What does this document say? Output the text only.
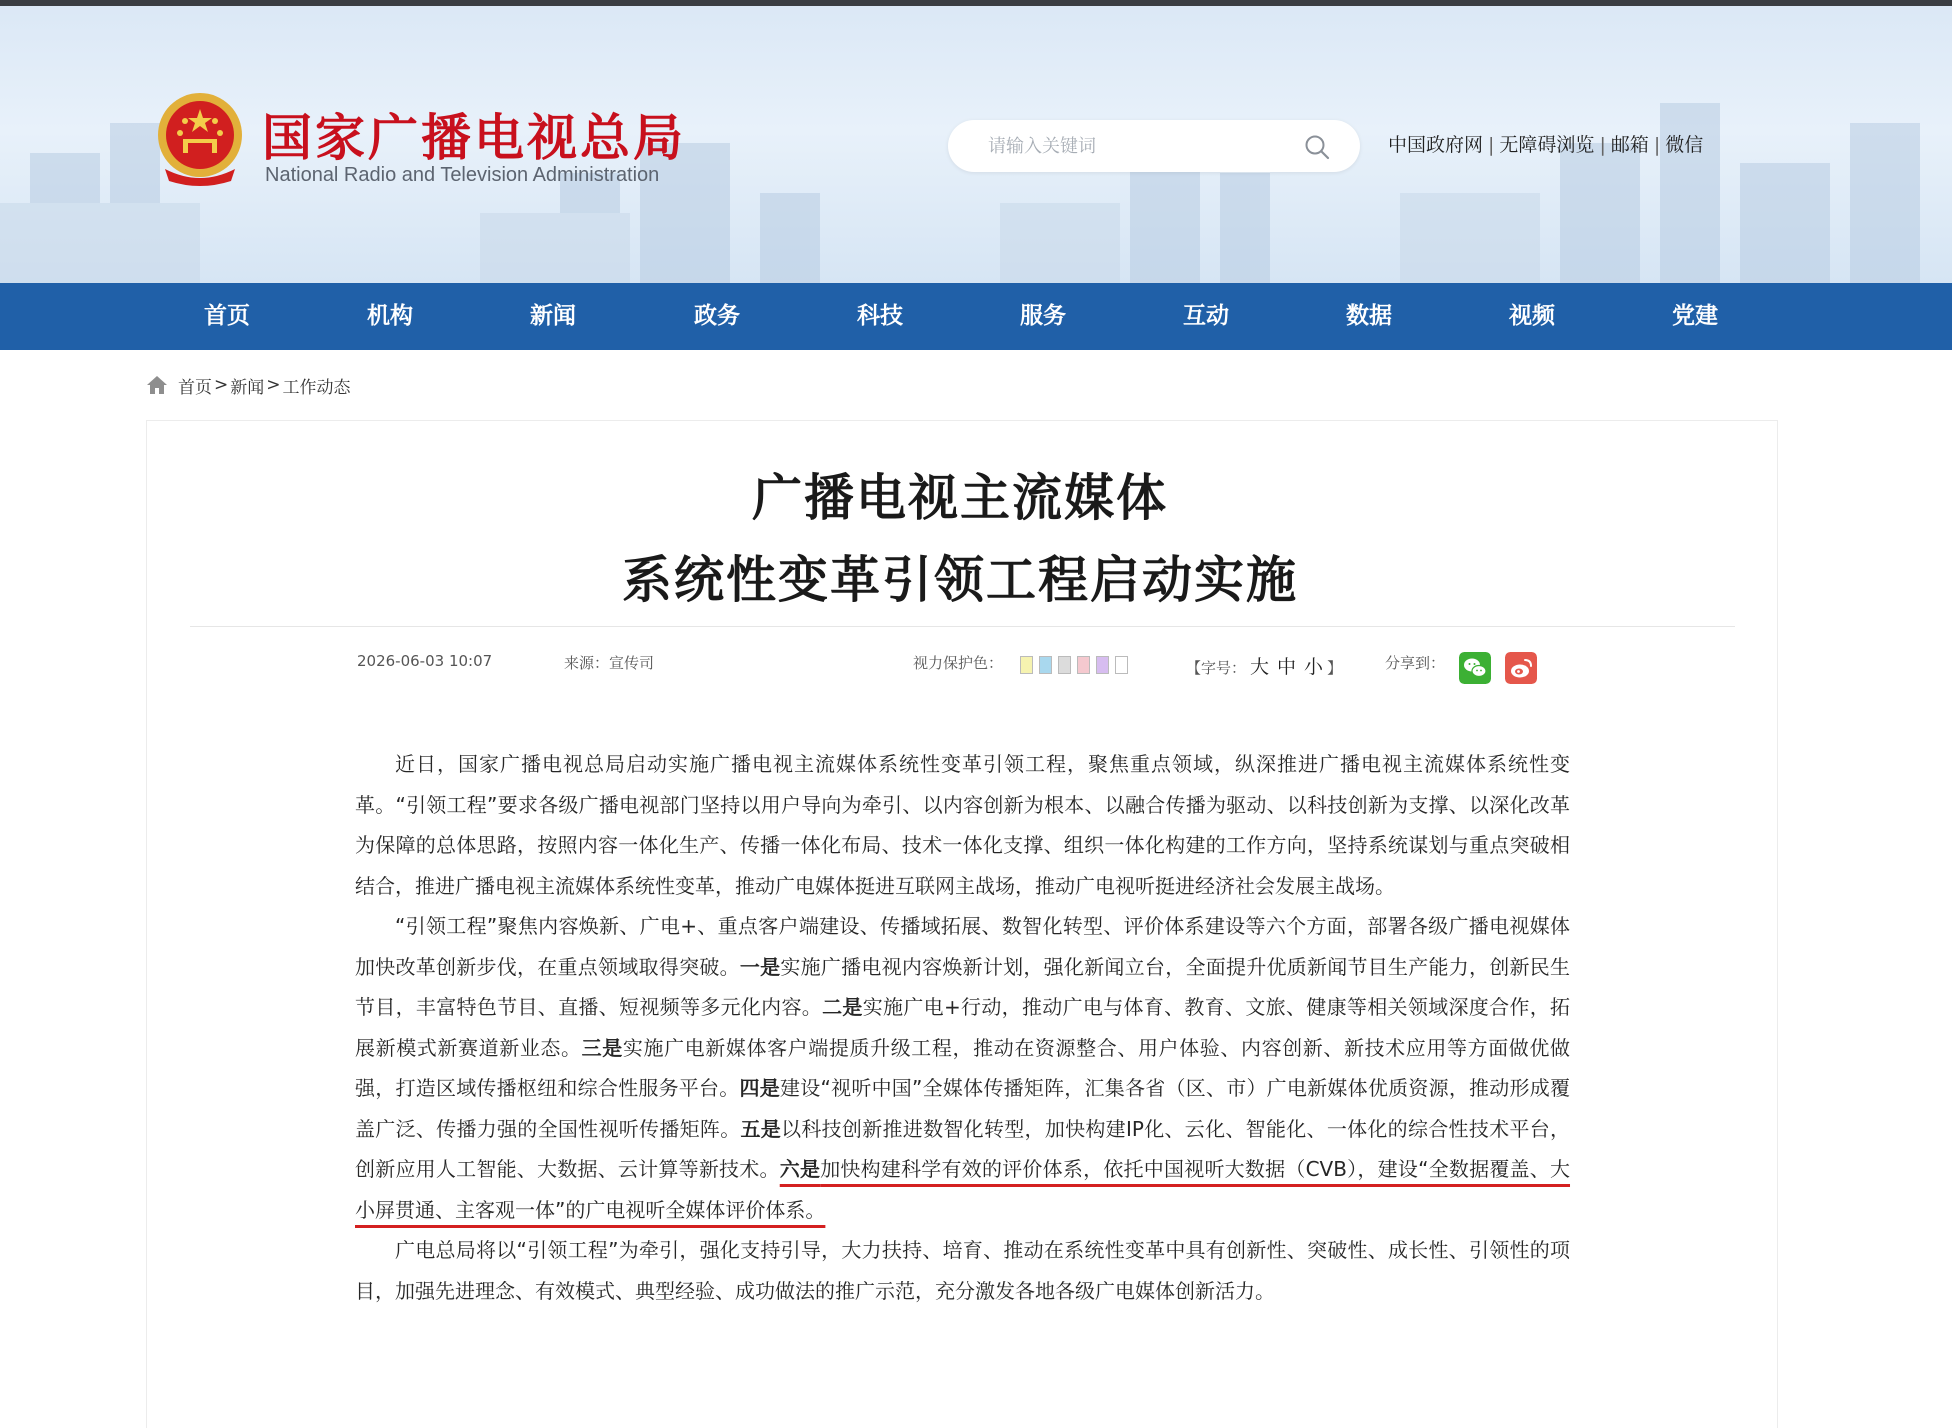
国家广播电视总局
National Radio and Television Administration
请输入关键词
中国政府网 | 无障碍浏览 | 邮箱 | 微信
首页	机构	新闻	政务	科技	服务	互动	数据	视频	党建
首页 > 新闻 > 工作动态
广播电视主流媒体
系统性变革引领工程启动实施
2026-06-03 10:07	来源：宣传司	视力保护色：	【字号： 大 中 小 】	分享到：

近日，国家广播电视总局启动实施广播电视主流媒体系统性变革引领工程，聚焦重点领域，纵深推进广播电视主流媒体系统性变革。“引领工程”要求各级广播电视部门坚持以用户导向为牵引、以内容创新为根本、以融合传播为驱动、以科技创新为支撑、以深化改革为保障的总体思路，按照内容一体化生产、传播一体化布局、技术一体化支撑、组织一体化构建的工作方向，坚持系统谋划与重点突破相结合，推进广播电视主流媒体系统性变革，推动广电媒体挺进互联网主战场，推动广电视听挺进经济社会发展主战场。

“引领工程”聚焦内容焕新、广电+、重点客户端建设、传播域拓展、数智化转型、评价体系建设等六个方面，部署各级广播电视媒体加快改革创新步伐，在重点领域取得突破。一是实施广播电视内容焕新计划，强化新闻立台，全面提升优质新闻节目生产能力，创新民生节目，丰富特色节目、直播、短视频等多元化内容。二是实施广电+行动，推动广电与体育、教育、文旅、健康等相关领域深度合作，拓展新模式新赛道新业态。三是实施广电新媒体客户端提质升级工程，推动在资源整合、用户体验、内容创新、新技术应用等方面做优做强，打造区域传播枢纽和综合性服务平台。四是建设“视听中国”全媒体传播矩阵，汇集各省（区、市）广电新媒体优质资源，推动形成覆盖广泛、传播力强的全国性视听传播矩阵。五是以科技创新推进数智化转型，加快构建IP化、云化、智能化、一体化的综合性技术平台，创新应用人工智能、大数据、云计算等新技术。六是加快构建科学有效的评价体系，依托中国视听大数据（CVB），建设“全数据覆盖、大小屏贯通、主客观一体”的广电视听全媒体评价体系。

广电总局将以“引领工程”为牵引，强化支持引导，大力扶持、培育、推动在系统性变革中具有创新性、突破性、成长性、引领性的项目，加强先进理念、有效模式、典型经验、成功做法的推广示范，充分激发各地各级广电媒体创新活力。
